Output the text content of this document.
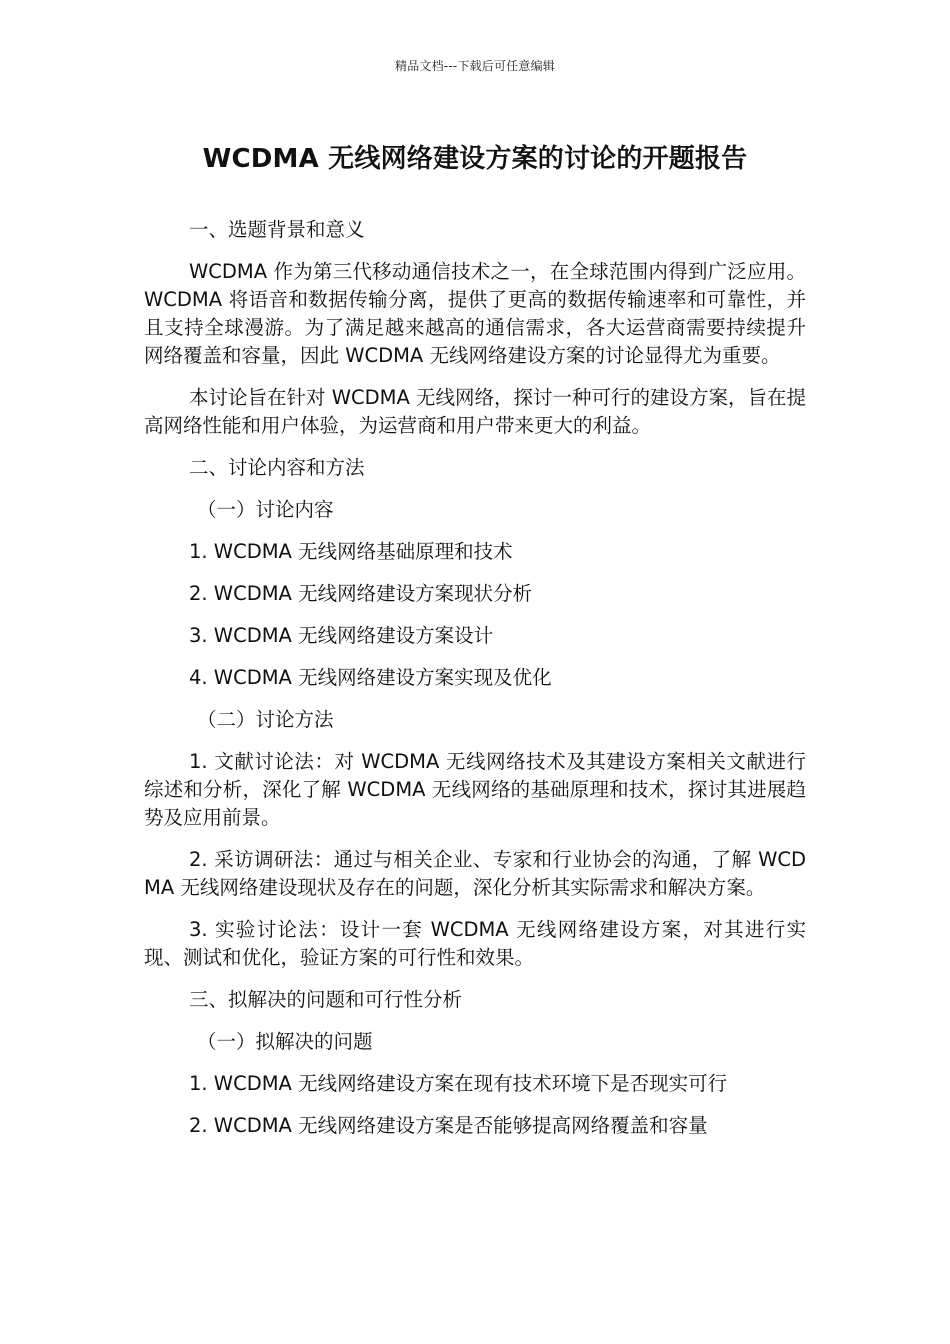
精品文档---下载后可任意编辑
WCDMA 无线网络建设方案的讨论的开题报告
一、选题背景和意义
WCDMA 作为第三代移动通信技术之一，在全球范围内得到广泛应用。WCDMA 将语音和数据传输分离，提供了更高的数据传输速率和可靠性，并且支持全球漫游。为了满足越来越高的通信需求，各大运营商需要持续提升网络覆盖和容量，因此 WCDMA 无线网络建设方案的讨论显得尤为重要。
本讨论旨在针对 WCDMA 无线网络，探讨一种可行的建设方案，旨在提高网络性能和用户体验，为运营商和用户带来更大的利益。
二、讨论内容和方法
（一）讨论内容
1. WCDMA 无线网络基础原理和技术
2. WCDMA 无线网络建设方案现状分析
3. WCDMA 无线网络建设方案设计
4. WCDMA 无线网络建设方案实现及优化
（二）讨论方法
1. 文献讨论法：对 WCDMA 无线网络技术及其建设方案相关文献进行综述和分析，深化了解 WCDMA 无线网络的基础原理和技术，探讨其进展趋势及应用前景。
2. 采访调研法：通过与相关企业、专家和行业协会的沟通，了解 WCDMA 无线网络建设现状及存在的问题，深化分析其实际需求和解决方案。
3. 实验讨论法：设计一套 WCDMA 无线网络建设方案，对其进行实现、测试和优化，验证方案的可行性和效果。
三、拟解决的问题和可行性分析
（一）拟解决的问题
1. WCDMA 无线网络建设方案在现有技术环境下是否现实可行
2. WCDMA 无线网络建设方案是否能够提高网络覆盖和容量
